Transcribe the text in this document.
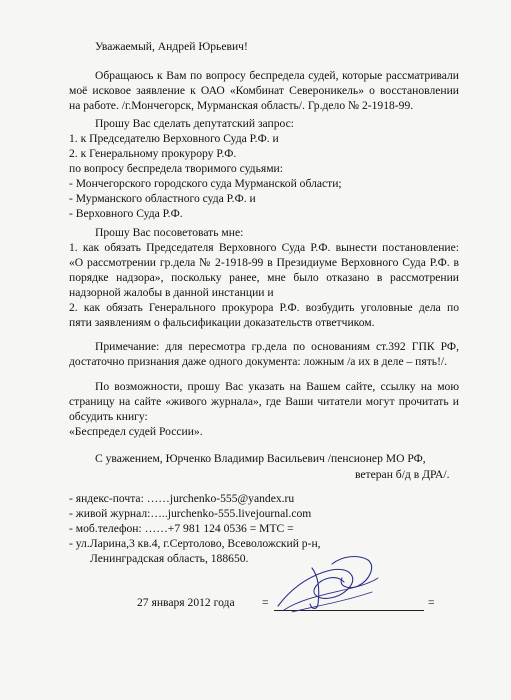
Уважаемый, Андрей Юрьевич!
Обращаюсь к Вам по вопросу беспредела судей, которые рассматривали
моё исковое заявление к ОАО «Комбинат Североникель» о восстановлении
на работе. /г.Мончегорск, Мурманская область/. Гр.дело № 2-1918-99.
Прошу Вас сделать депутатский запрос:
1. к Председателю Верховного Суда Р.Ф. и
2. к Генеральному прокурору Р.Ф.
по вопросу беспредела творимого судьями:
- Мончегорского городского суда Мурманской области;
- Мурманского областного суда Р.Ф. и
- Верховного Суда Р.Ф.
Прошу Вас посоветовать мне:
1. как обязать Председателя Верховного Суда Р.Ф. вынести постановление:
«О рассмотрении гр.дела № 2-1918-99 в Президиуме Верховного Суда Р.Ф. в
порядке надзора», поскольку ранее, мне было отказано в рассмотрении
надзорной жалобы в данной инстанции и
2. как обязать Генерального прокурора Р.Ф. возбудить уголовные дела по
пяти заявлениям о фальсификации доказательств ответчиком.
Примечание: для пересмотра гр.дела по основаниям ст.392 ГПК РФ,
достаточно признания даже одного документа: ложным /а их в деле – пять!/.
По возможности, прошу Вас указать на Вашем сайте, ссылку на мою
страницу на сайте «живого журнала», где Ваши читатели могут прочитать и
обсудить книгу:
«Беспредел судей России».
С уважением, Юрченко Владимир Васильевич /пенсионер МО РФ,
ветеран б/д в ДРА/.
- яндекс-почта: ……jurchenko-555@yandex.ru
- живой журнал:…..jurchenko-555.livejournal.com
- моб.телефон: ……+7 981 124 0536 = МТС =
- ул.Ларина,3 кв.4, г.Сертолово, Всеволожский р-н,
Ленинградская область, 188650.
27 января 2012 года =	=
